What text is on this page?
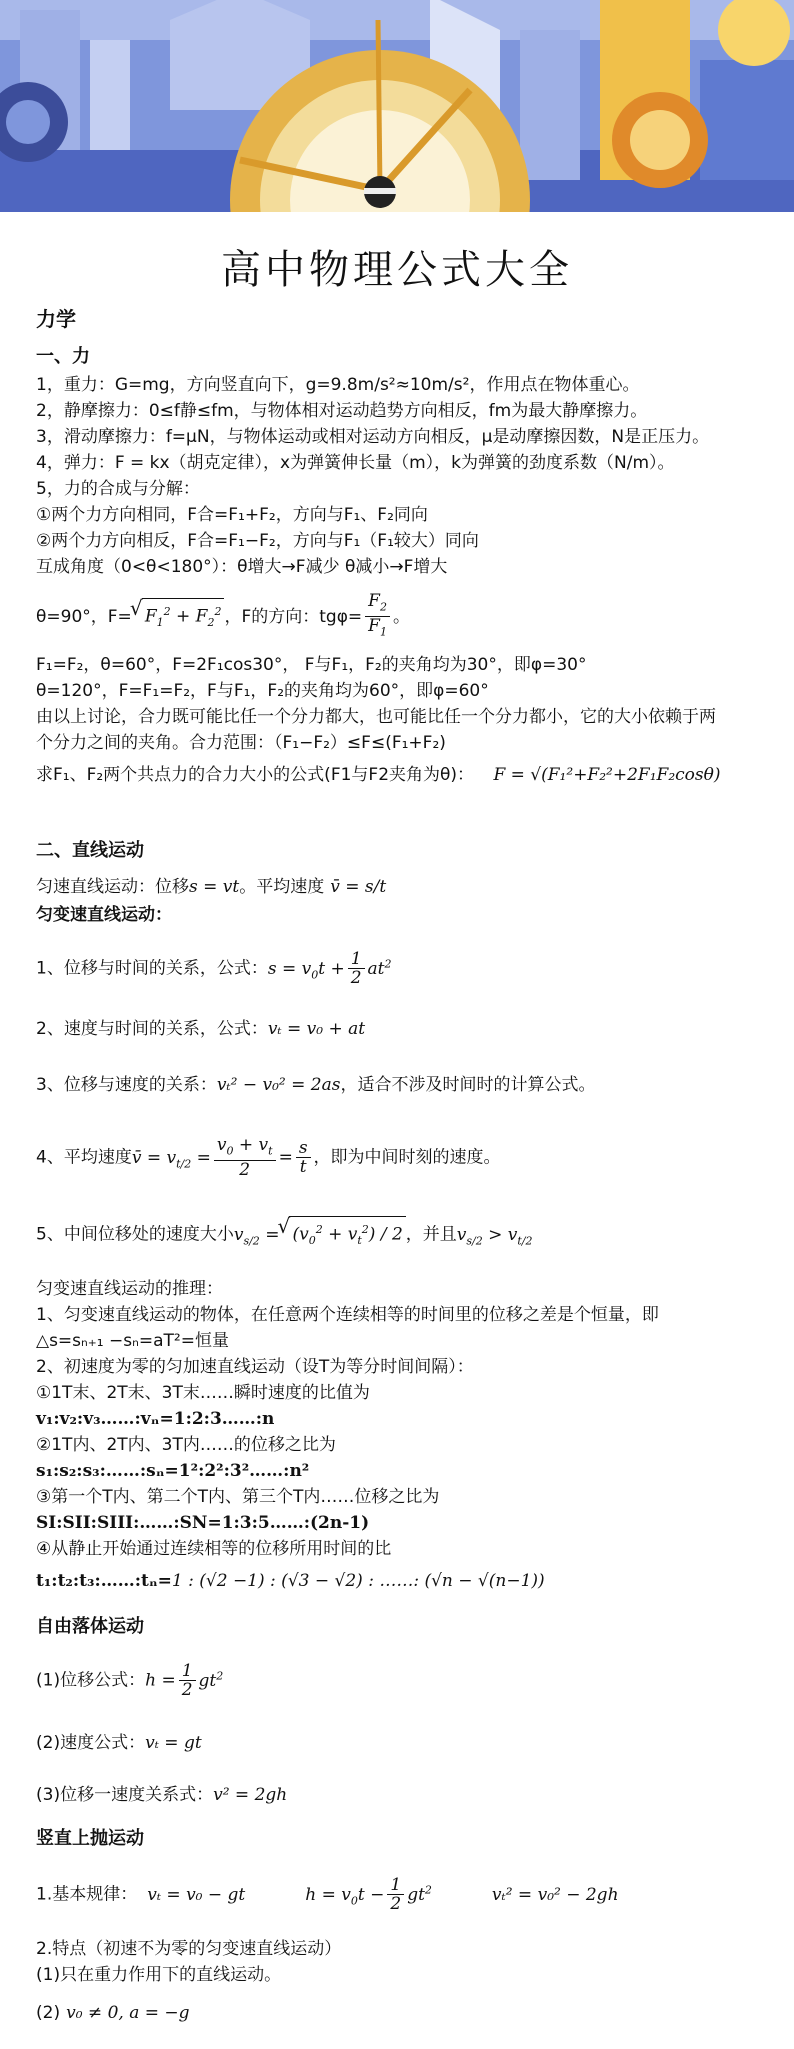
高中物理公式大全
力学
一、力
1，重力：G=mg，方向竖直向下，g=9.8m/s²≈10m/s²，作用点在物体重心。
2，静摩擦力：0≤f静≤fm，与物体相对运动趋势方向相反，fm为最大静摩擦力。
3，滑动摩擦力：f=μN，与物体运动或相对运动方向相反，μ是动摩擦因数，N是正压力。
4，弹力：F = kx（胡克定律），x为弹簧伸长量（m），k为弹簧的劲度系数（N/m）。
5，力的合成与分解：
①两个力方向相同，F合=F₁+F₂，方向与F₁、F₂同向
②两个力方向相反，F合=F₁−F₂，方向与F₁（F₁较大）同向
互成角度（0<θ<180°）：θ增大→F减少 θ减小→F增大
θ=90°，F= √ $F_1^2 + F_2^2$ ，F的方向：$tg\varphi= \frac{F_2}{F_1}$ 。
F₁=F₂，θ=60°，F=2F₁cos30°， F与F₁，F₂的夹角均为30°，即φ=30°
θ=120°，F=F₁=F₂，F与F₁，F₂的夹角均为60°，即φ=60°
由以上讨论，合力既可能比任一个分力都大，也可能比任一个分力都小，它的大小依赖于两
个分力之间的夹角。合力范围：（F₁−F₂）≤F≤(F₁+F₂)
求F₁、F₂两个共点力的合力大小的公式(F1与F2夹角为θ)： F = √(F₁²+F₂²+2F₁F₂cosθ)
二、直线运动
匀速直线运动：位移s = vt。平均速度 v̄ = s/t
匀变速直线运动：
1、位移与时间的关系，公式：$s = v_0t + \frac{1}{2} at^2$
2、速度与时间的关系，公式：vₜ = v₀ + at
3、位移与速度的关系：vₜ² − v₀² = 2as，适合不涉及时间时的计算公式。
4、平均速度v̄ = $v_{t/2} = \frac{v_0 + v_t}{2} = \frac{s}{t}$ ，即为中间时刻的速度。
5、中间位移处的速度大小$v_{s/2}$ = √ $(v_0^2 + v_t^2) / 2$ ，并且$v_{s/2} > v_{t/2}$
匀变速直线运动的推理：
1、匀变速直线运动的物体，在任意两个连续相等的时间里的位移之差是个恒量，即
△s=sₙ₊₁ −sₙ=aT²=恒量
2、初速度为零的匀加速直线运动（设T为等分时间间隔）：
①1T末、2T末、3T末……瞬时速度的比值为
v₁:v₂:v₃……:vₙ=1:2:3……:n
②1T内、2T内、3T内……的位移之比为
s₁:s₂:s₃:……:sₙ=1²:2²:3²……:n²
③第一个T内、第二个T内、第三个T内……位移之比为
SI:SII:SIII:……:SN=1:3:5……:(2n-1)
④从静止开始通过连续相等的位移所用时间的比
t₁:t₂:t₃:……:tₙ=1 : (√2 −1) : (√3 − √2) : ……: (√n − √(n−1))
自由落体运动
(1)位移公式：$h = \frac{1}{2} gt^2$
(2)速度公式：vₜ = gt
(3)位移一速度关系式：v² = 2gh
竖直上抛运动
1.基本规律： vₜ = v₀ − gt	$h = v_0t - \frac{1}{2} gt^2$	vₜ² = v₀² − 2gh
2.特点（初速不为零的匀变速直线运动）
(1)只在重力作用下的直线运动。
(2) v₀ ≠ 0, a = −g
